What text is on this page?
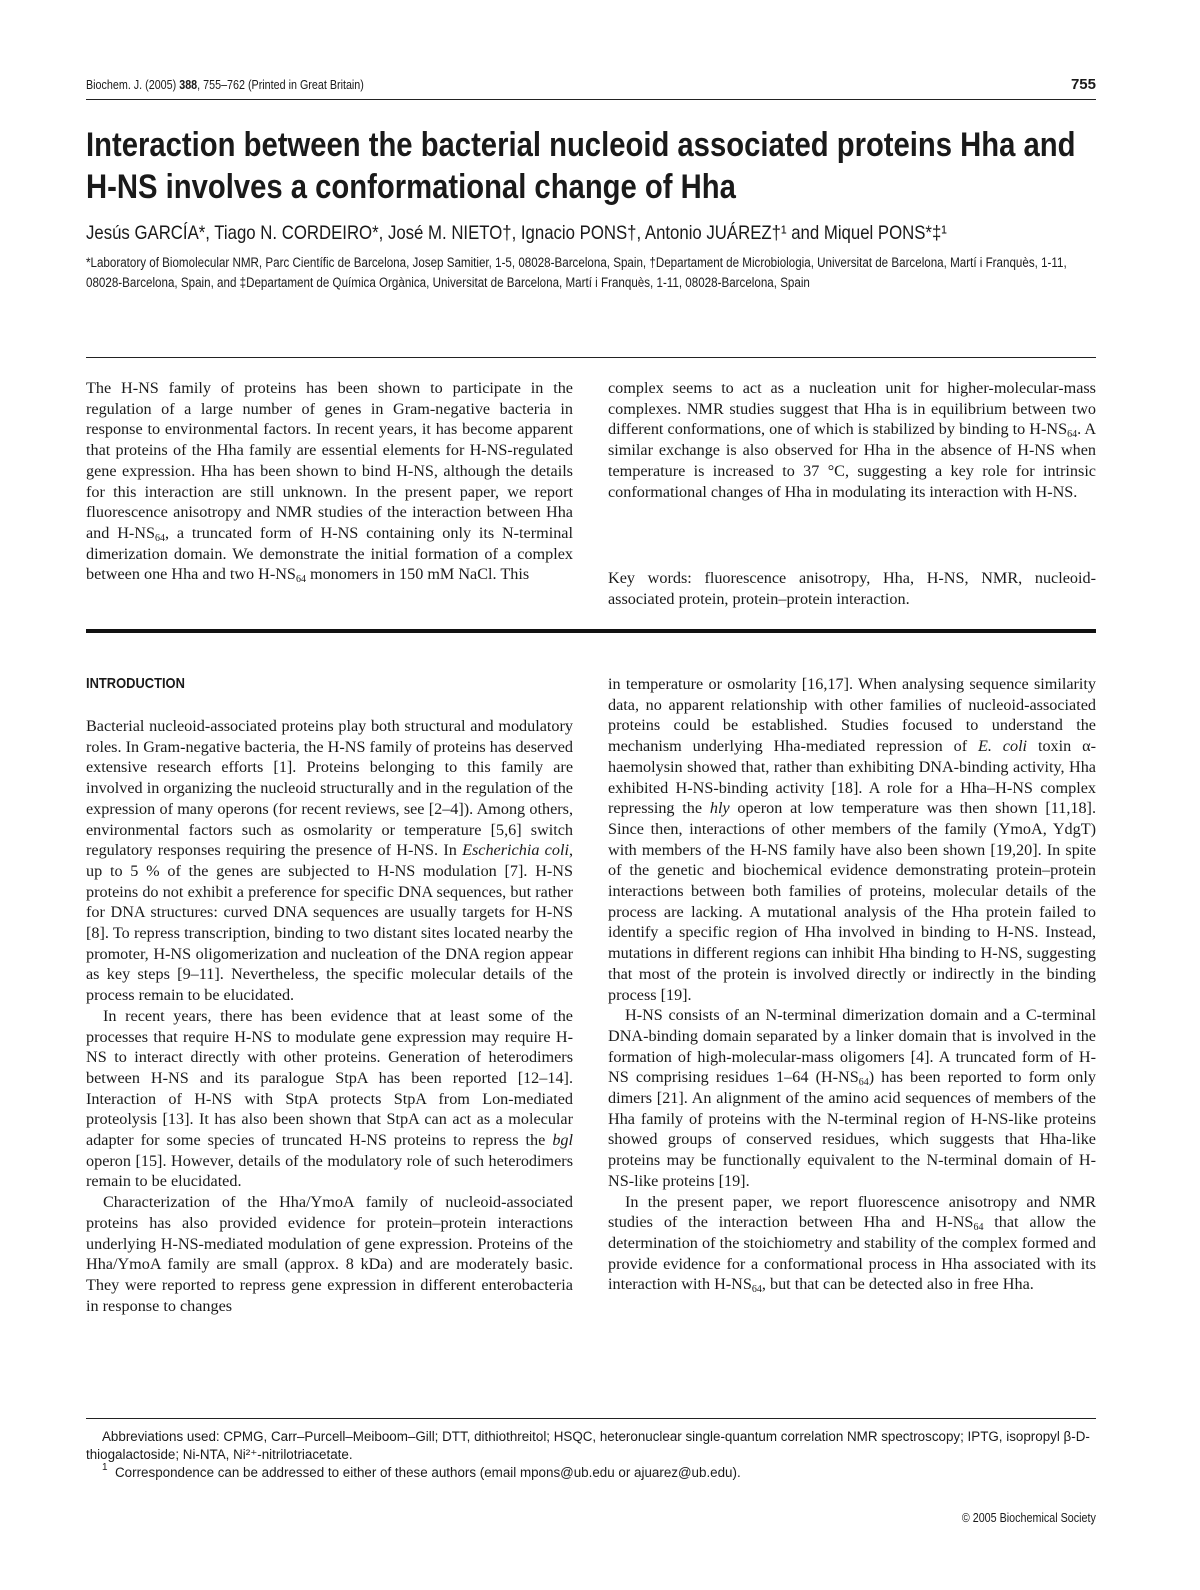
Biochem. J. (2005) 388, 755–762 (Printed in Great Britain)	755
Interaction between the bacterial nucleoid associated proteins Hha and H-NS involves a conformational change of Hha
Jesús GARCÍA*, Tiago N. CORDEIRO*, José M. NIETO†, Ignacio PONS†, Antonio JUÁREZ†¹ and Miquel PONS*‡¹
*Laboratory of Biomolecular NMR, Parc Científic de Barcelona, Josep Samitier, 1-5, 08028-Barcelona, Spain, †Departament de Microbiologia, Universitat de Barcelona, Martí i Franquès, 1-11, 08028-Barcelona, Spain, and ‡Departament de Química Orgànica, Universitat de Barcelona, Martí i Franquès, 1-11, 08028-Barcelona, Spain
The H-NS family of proteins has been shown to participate in the regulation of a large number of genes in Gram-negative bacteria in response to environmental factors. In recent years, it has become apparent that proteins of the Hha family are essential elements for H-NS-regulated gene expression. Hha has been shown to bind H-NS, although the details for this interaction are still unknown. In the present paper, we report fluorescence anisotropy and NMR studies of the interaction between Hha and $H-NS_{64}$, a truncated form of H-NS containing only its N-terminal dimerization domain. We demonstrate the initial formation of a complex between one Hha and two $H-NS_{64}$ monomers in 150 mM NaCl. This
complex seems to act as a nucleation unit for higher-molecular-mass complexes. NMR studies suggest that Hha is in equilibrium between two different conformations, one of which is stabilized by binding to $H-NS_{64}$. A similar exchange is also observed for Hha in the absence of H-NS when temperature is increased to 37 °C, suggesting a key role for intrinsic conformational changes of Hha in modulating its interaction with H-NS.
Key words: fluorescence anisotropy, Hha, H-NS, NMR, nucleoid-associated protein, protein–protein interaction.
INTRODUCTION

Bacterial nucleoid-associated proteins play both structural and modulatory roles. In Gram-negative bacteria, the H-NS family of proteins has deserved extensive research efforts [1]. Proteins belonging to this family are involved in organizing the nucleoid structurally and in the regulation of the expression of many operons (for recent reviews, see [2–4]). Among others, environmental factors such as osmolarity or temperature [5,6] switch regulatory responses requiring the presence of H-NS. In Escherichia coli, up to 5 % of the genes are subjected to H-NS modulation [7]. H-NS proteins do not exhibit a preference for specific DNA sequences, but rather for DNA structures: curved DNA sequences are usually targets for H-NS [8]. To repress transcription, binding to two distant sites located nearby the promoter, H-NS oligomerization and nucleation of the DNA region appear as key steps [9–11]. Nevertheless, the specific molecular details of the process remain to be elucidated.

In recent years, there has been evidence that at least some of the processes that require H-NS to modulate gene expression may require H-NS to interact directly with other proteins. Generation of heterodimers between H-NS and its paralogue StpA has been reported [12–14]. Interaction of H-NS with StpA protects StpA from Lon-mediated proteolysis [13]. It has also been shown that StpA can act as a molecular adapter for some species of truncated H-NS proteins to repress the bgl operon [15]. However, details of the modulatory role of such heterodimers remain to be elucidated.

Characterization of the Hha/YmoA family of nucleoid-associated proteins has also provided evidence for protein–protein interactions underlying H-NS-mediated modulation of gene expression. Proteins of the Hha/YmoA family are small (approx. 8 kDa) and are moderately basic. They were reported to repress gene expression in different enterobacteria in response to changes

in temperature or osmolarity [16,17]. When analysing sequence similarity data, no apparent relationship with other families of nucleoid-associated proteins could be established. Studies focused to understand the mechanism underlying Hha-mediated repression of E. coli toxin α-haemolysin showed that, rather than exhibiting DNA-binding activity, Hha exhibited H-NS-binding activity [18]. A role for a Hha–H-NS complex repressing the hly operon at low temperature was then shown [11,18]. Since then, interactions of other members of the family (YmoA, YdgT) with members of the H-NS family have also been shown [19,20]. In spite of the genetic and biochemical evidence demonstrating protein–protein interactions between both families of proteins, molecular details of the process are lacking. A mutational analysis of the Hha protein failed to identify a specific region of Hha involved in binding to H-NS. Instead, mutations in different regions can inhibit Hha binding to H-NS, suggesting that most of the protein is involved directly or indirectly in the binding process [19].

H-NS consists of an N-terminal dimerization domain and a C-terminal DNA-binding domain separated by a linker domain that is involved in the formation of high-molecular-mass oligomers [4]. A truncated form of H-NS comprising residues 1–64 $(H-NS_{64})$ has been reported to form only dimers [21]. An alignment of the amino acid sequences of members of the Hha family of proteins with the N-terminal region of H-NS-like proteins showed groups of conserved residues, which suggests that Hha-like proteins may be functionally equivalent to the N-terminal domain of H-NS-like proteins [19].

In the present paper, we report fluorescence anisotropy and NMR studies of the interaction between Hha and $H-NS_{64}$ that allow the determination of the stoichiometry and stability of the complex formed and provide evidence for a conformational process in Hha associated with its interaction with $H-NS_{64}$, but that can be detected also in free Hha.

Abbreviations used: CPMG, Carr–Purcell–Meiboom–Gill; DTT, dithiothreitol; HSQC, heteronuclear single-quantum correlation NMR spectroscopy; IPTG, isopropyl β-D-thiogalactoside; Ni-NTA, Ni²⁺-nitrilotriacetate.

$^1$ Correspondence can be addressed to either of these authors (email mpons@ub.edu or ajuarez@ub.edu).

© 2005 Biochemical Society
